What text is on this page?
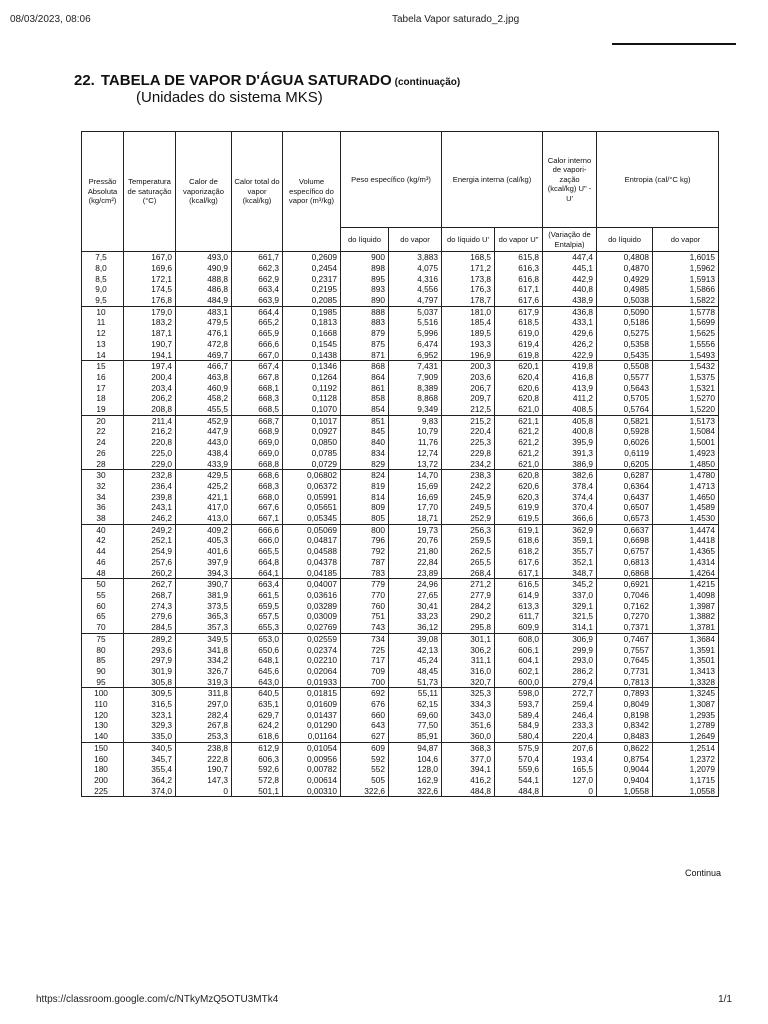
08/03/2023, 08:06	Tabela Vapor saturado_2.jpg
22. TABELA DE VAPOR D'ÁGUA SATURADO (continuação)
(Unidades do sistema MKS)
Pressão Absoluta (kg/cm²)	Temperatura de saturação (°C)	Calor de vaporização (kcal/kg)	Calor total do vapor (kcal/kg)	Volume específico do vapor (m³/kg)	Peso específico (kg/m³)		Energia interna (cal/kg)		Calor interno de vapori- zação (kcal/kg) U" - U'	Entropia (cal/°C kg)	
					do líquido	do vapor	do líquido U'	do vapor U"	(Variação de Entalpia)	do líquido	do vapor
7,5	167,0	493,0	661,7	0,2609	900	3,883	168,5	615,8	447,4	0,4808	1,6015
8,0	169,6	490,9	662,3	0,2454	898	4,075	171,2	616,3	445,1	0,4870	1,5962
8,5	172,1	488,8	662,9	0,2317	895	4,316	173,8	616,8	442,9	0,4929	1,5913
9,0	174,5	486,8	663,4	0,2195	893	4,556	176,3	617,1	440,8	0,4985	1,5866
9,5	176,8	484,9	663,9	0,2085	890	4,797	178,7	617,6	438,9	0,5038	1,5822
10	179,0	483,1	664,4	0,1985	888	5,037	181,0	617,9	436,8	0,5090	1,5778
11	183,2	479,5	665,2	0,1813	883	5,516	185,4	618,5	433,1	0,5186	1,5699
12	187,1	476,1	665,9	0,1668	879	5,996	189,5	619,0	429,6	0,5275	1,5625
13	190,7	472,8	666,6	0,1545	875	6,474	193,3	619,4	426,2	0,5358	1,5556
14	194,1	469,7	667,0	0,1438	871	6,952	196,9	619,8	422,9	0,5435	1,5493
15	197,4	466,7	667,4	0,1346	868	7,431	200,3	620,1	419,8	0,5508	1,5432
16	200,4	463,8	667,8	0,1264	864	7,909	203,6	620,4	416,8	0,5577	1,5375
17	203,4	460,9	668,1	0,1192	861	8,389	206,7	620,6	413,9	0,5643	1,5321
18	206,2	458,2	668,3	0,1128	858	8,868	209,7	620,8	411,2	0,5705	1,5270
19	208,8	455,5	668,5	0,1070	854	9,349	212,5	621,0	408,5	0,5764	1,5220
20	211,4	452,9	668,7	0,1017	851	9,83	215,2	621,1	405,8	0,5821	1,5173
22	216,2	447,9	668,9	0,0927	845	10,79	220,4	621,2	400,8	0,5928	1,5084
24	220,8	443,0	669,0	0,0850	840	11,76	225,3	621,2	395,9	0,6026	1,5001
26	225,0	438,4	669,0	0,0785	834	12,74	229,8	621,2	391,3	0,6119	1,4923
28	229,0	433,9	668,8	0,0729	829	13,72	234,2	621,0	386,9	0,6205	1,4850
30	232,8	429,5	668,6	0,06802	824	14,70	238,3	620,8	382,6	0,6287	1,4780
32	236,4	425,2	668,3	0,06372	819	15,69	242,2	620,6	378,4	0,6364	1,4713
34	239,8	421,1	668,0	0,05991	814	16,69	245,9	620,3	374,4	0,6437	1,4650
36	243,1	417,0	667,6	0,05651	809	17,70	249,5	619,9	370,4	0,6507	1,4589
38	246,2	413,0	667,1	0,05345	805	18,71	252,9	619,5	366,6	0,6573	1,4530
40	249,2	409,2	666,6	0,05069	800	19,73	256,3	619,1	362,9	0,6637	1,4474
42	252,1	405,3	666,0	0,04817	796	20,76	259,5	618,6	359,1	0,6698	1,4418
44	254,9	401,6	665,5	0,04588	792	21,80	262,5	618,2	355,7	0,6757	1,4365
46	257,6	397,9	664,8	0,04378	787	22,84	265,5	617,6	352,1	0,6813	1,4314
48	260,2	394,3	664,1	0,04185	783	23,89	268,4	617,1	348,7	0,6868	1,4264
50	262,7	390,7	663,4	0,04007	779	24,96	271,2	616,5	345,2	0,6921	1,4215
55	268,7	381,9	661,5	0,03616	770	27,65	277,9	614,9	337,0	0,7046	1,4098
60	274,3	373,5	659,5	0,03289	760	30,41	284,2	613,3	329,1	0,7162	1,3987
65	279,6	365,3	657,5	0,03009	751	33,23	290,2	611,7	321,5	0,7270	1,3882
70	284,5	357,3	655,3	0,02769	743	36,12	295,8	609,9	314,1	0,7371	1,3781
75	289,2	349,5	653,0	0,02559	734	39,08	301,1	608,0	306,9	0,7467	1,3684
80	293,6	341,8	650,6	0,02374	725	42,13	306,2	606,1	299,9	0,7557	1,3591
85	297,9	334,2	648,1	0,02210	717	45,24	311,1	604,1	293,0	0,7645	1,3501
90	301,9	326,7	645,6	0,02064	709	48,45	316,0	602,1	286,2	0,7731	1,3413
95	305,8	319,3	643,0	0,01933	700	51,73	320,7	600,0	279,4	0,7813	1,3328
100	309,5	311,8	640,5	0,01815	692	55,11	325,3	598,0	272,7	0,7893	1,3245
110	316,5	297,0	635,1	0,01609	676	62,15	334,3	593,7	259,4	0,8049	1,3087
120	323,1	282,4	629,7	0,01437	660	69,60	343,0	589,4	246,4	0,8198	1,2935
130	329,3	267,8	624,2	0,01290	643	77,50	351,6	584,9	233,3	0,8342	1,2789
140	335,0	253,3	618,6	0,01164	627	85,91	360,0	580,4	220,4	0,8483	1,2649
150	340,5	238,8	612,9	0,01054	609	94,87	368,3	575,9	207,6	0,8622	1,2514
160	345,7	222,8	606,3	0,00956	592	104,6	377,0	570,4	193,4	0,8754	1,2372
180	355,4	190,7	592,6	0,00782	552	128,0	394,1	559,6	165,5	0,9044	1,2079
200	364,2	147,3	572,8	0,00614	505	162,9	416,2	544,1	127,0	0,9404	1,1715
225	374,0	0	501,1	0,00310	322,6	322,6	484,8	484,8	0	1,0558	1,0558
Continua
https://classroom.google.com/c/NTkyMzQ5OTU3MTk4	1/1
